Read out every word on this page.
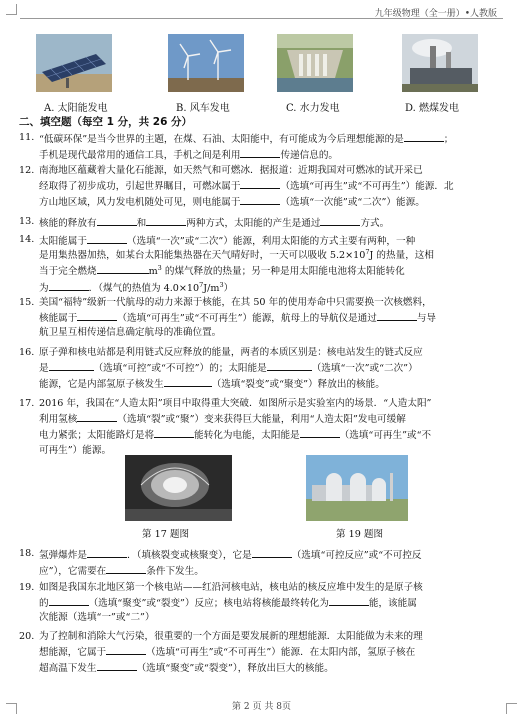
九年级物理（全一册）•人教版
A. 太阳能发电	B. 风车发电	C. 水力发电	D. 燃煤发电
二、填空题（每空 1 分，共 26 分）
11. “低碳环保”是当今世界的主题，在煤、石油、太阳能中，有可能成为今后理想能源的是	；
手机是现代最常用的通信工具，手机之间是利用	传递信息的。
12. 南海地区蕴藏着大量化石能源，如天然气和可燃冰．据报道：近期我国对可燃冰的试开采已
经取得了初步成功，引起世界瞩目，可燃冰属于	（选填“可再生”或“不可再生”）能源．北
方山地区域，风力发电机随处可见，则电能属于	（选填“一次能”或“二次”）能源。
13. 核能的释放有	和	两种方式，太阳能的产生是通过	方式。
14. 太阳能属于	（选填“一次”或“二次”）能源，利用太阳能的方式主要有两种，一种
是用集热器加热，如某台太阳能集热器在天气晴好时，一天可以吸收 $5.2\times 10^7J$ 的热量，这相
当于完全燃烧	$m^3$ 的煤气释放的热量；另一种是用太阳能电池将太阳能转化
为	．（煤气的热值为 $4.0\times 10^7J/m^3$）
15. 美国“福特”级新一代航母的动力来源于核能，在其 50 年的使用寿命中只需要换一次核燃料，
核能属于	（选填“可再生”或“不可再生”）能源，航母上的导航仪是通过	与导
航卫星互相传递信息确定航母的准确位置。
16. 原子弹和核电站都是利用链式反应释放的能量，两者的本质区别是：核电站发生的链式反应
是	（选填“可控”或“不可控”）的；太阳能是	（选填“一次”或“二次”）
能源，它是内部氢原子核发生	（选填“裂变”或“聚变”）释放出的核能。
17. 2016 年，我国在“人造太阳”项目中取得重大突破．如图所示是实验室内的场景．“人造太阳”
利用氢核	（选填“裂”或“聚”）变来获得巨大能量，利用“人造太阳”发电可缓解
电力紧张；太阳能路灯是将	能转化为电能，太阳能是	（选填“可再生”或“不
可再生”）能源。
第 17 题图	第 19 题图
18. 氢弹爆炸是	．（填核裂变或核聚变），它是	（选填“可控反应”或“不可控反
应”），它需要在	条件下发生。
19. 如图是我国东北地区第一个核电站——红沿河核电站，核电站的核反应堆中发生的是原子核
的	（选填“聚变”或“裂变”）反应；核电站将核能最终转化为	能，该能属
次能源（选填“一”或“二”）
20. 为了控制和消除大气污染，很重要的一个方面是要发展新的理想能源．太阳能做为未来的理
想能源，它属于	（选填“可再生”或“不可再生”）能源．在太阳内部，氢原子核在
超高温下发生	（选填“聚变”或“裂变”），释放出巨大的核能。
第 2 页 共 8页
